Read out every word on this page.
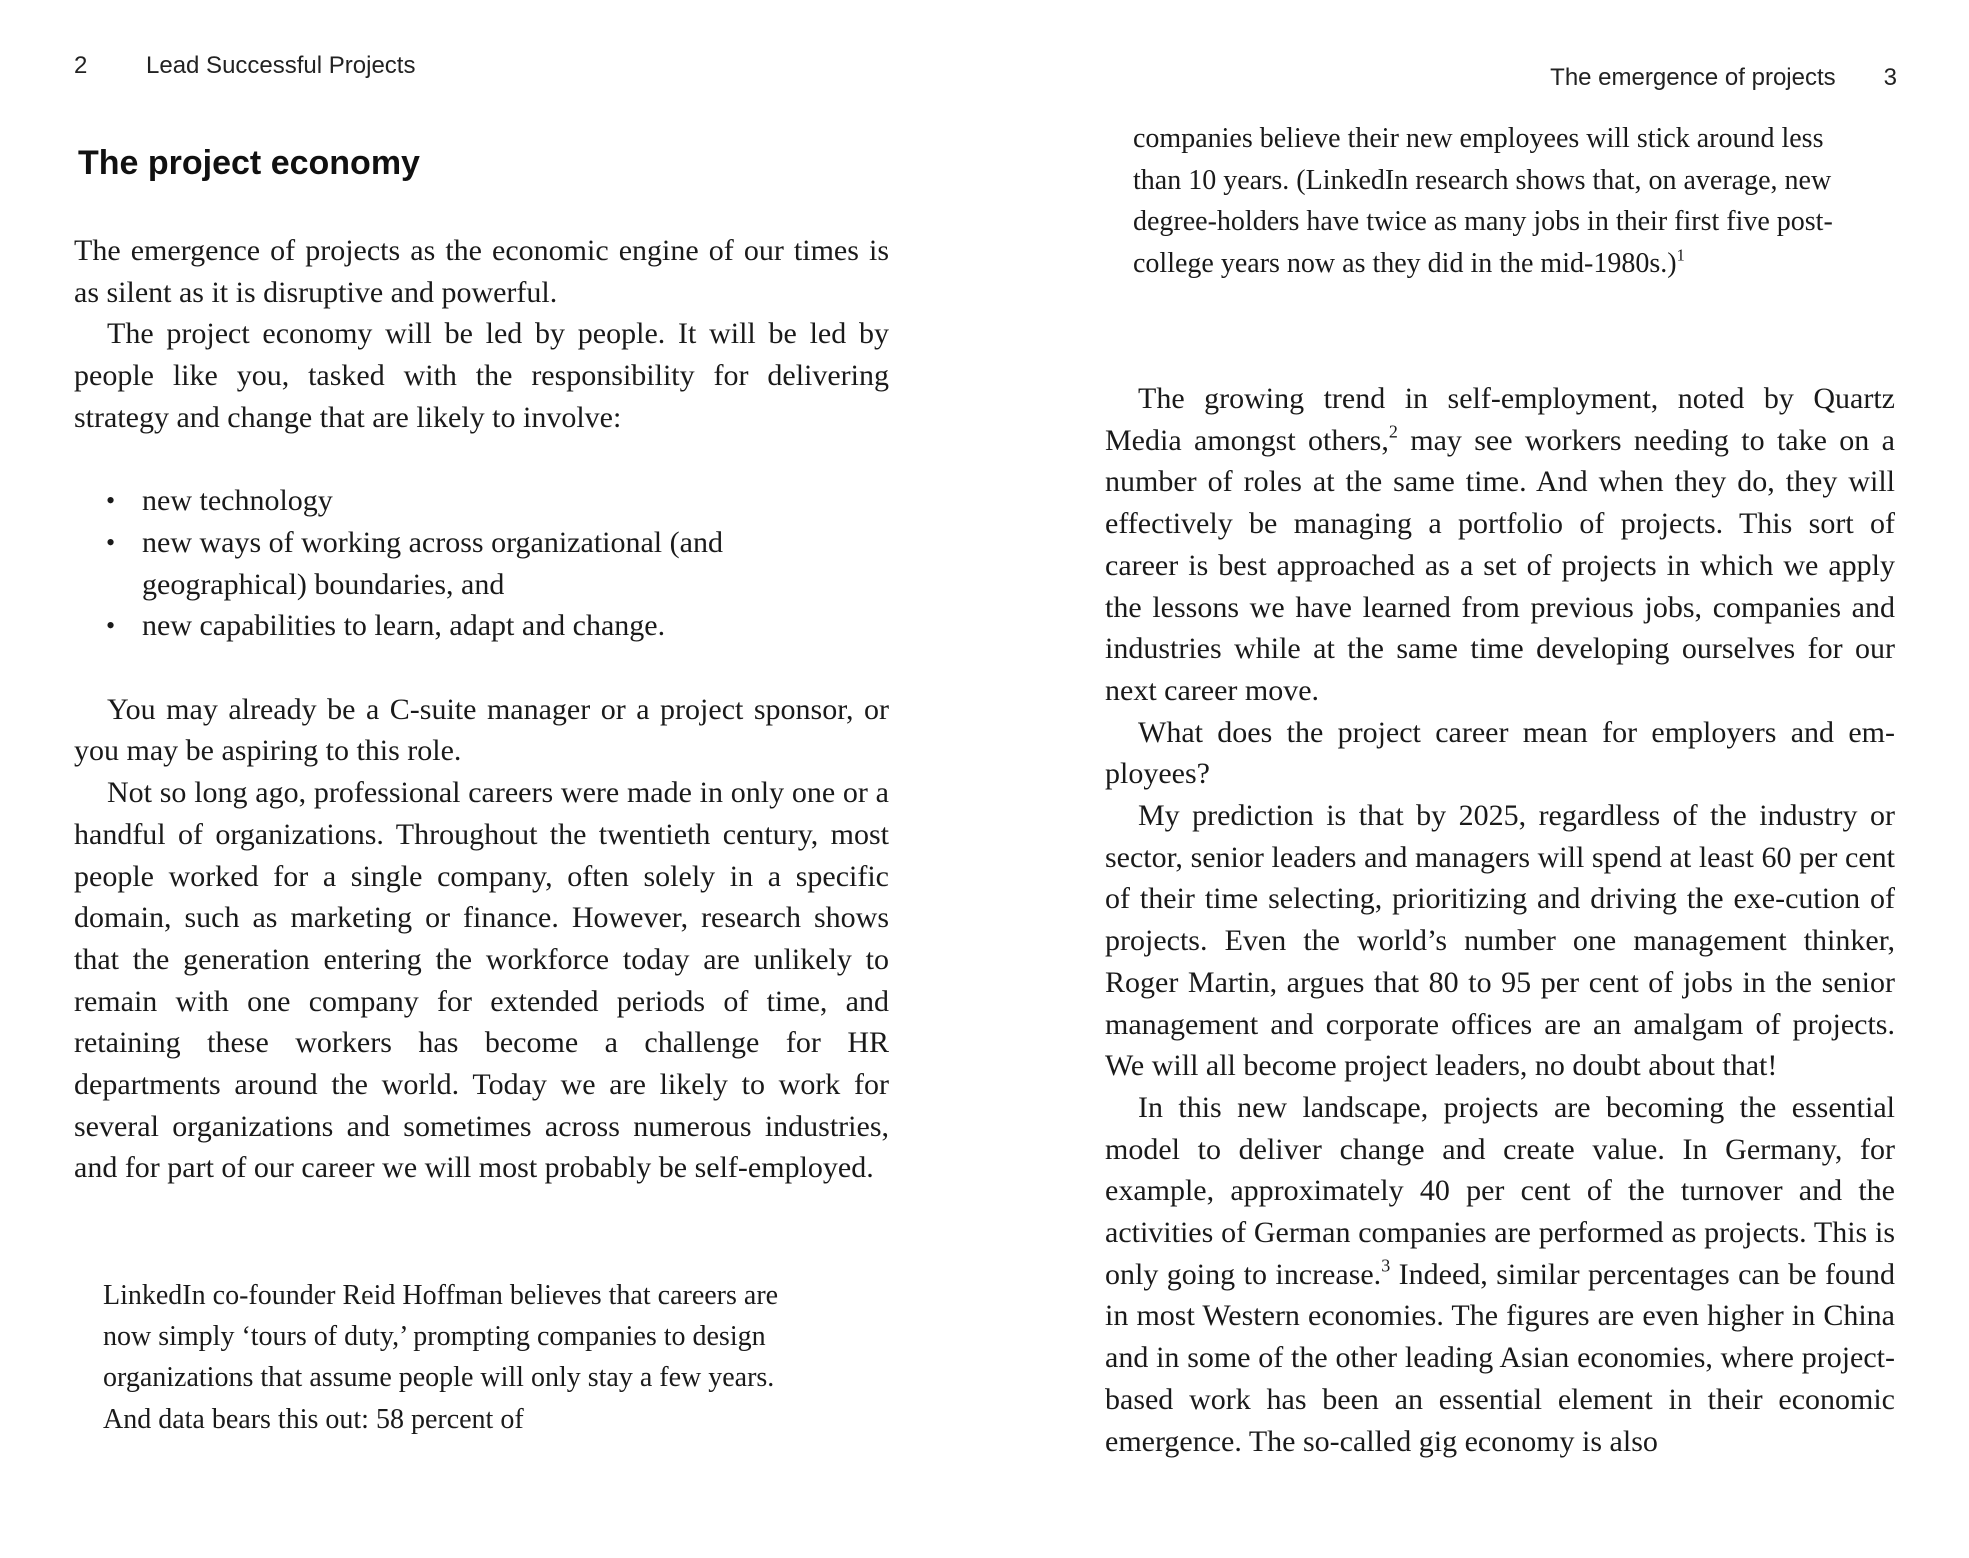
2 Lead Successful Projects
The project economy

The emergence of projects as the economic engine of our times is as silent as it is disruptive and powerful.

The project economy will be led by people. It will be led by people like you, tasked with the responsibility for delivering strategy and change that are likely to involve:

• new technology
• new ways of working across organizational (and geographical) boundaries, and
• new capabilities to learn, adapt and change.

You may already be a C-suite manager or a project sponsor, or you may be aspiring to this role.

Not so long ago, professional careers were made in only one or a handful of organizations. Throughout the twentieth century, most people worked for a single company, often solely in a specific domain, such as marketing or finance. However, research shows that the generation entering the workforce today are unlikely to remain with one company for extended periods of time, and retaining these workers has become a challenge for HR departments around the world. Today we are likely to work for several organizations and sometimes across numerous industries, and for part of our career we will most probably be self-employed.

LinkedIn co-founder Reid Hoffman believes that careers are now simply ‘tours of duty,’ prompting companies to design organizations that assume people will only stay a few years. And data bears this out: 58 percent of

The emergence of projects 3

companies believe their new employees will stick around less than 10 years. (LinkedIn research shows that, on average, new degree-holders have twice as many jobs in their first five post-college years now as they did in the mid-1980s.)$^1$

The growing trend in self-employment, noted by Quartz Media amongst others,$^2$ may see workers needing to take on a number of roles at the same time. And when they do, they will effectively be managing a portfolio of projects. This sort of career is best approached as a set of projects in which we apply the lessons we have learned from previous jobs, companies and industries while at the same time developing ourselves for our next career move.

What does the project career mean for employers and em-ployees?

My prediction is that by 2025, regardless of the industry or sector, senior leaders and managers will spend at least 60 per cent of their time selecting, prioritizing and driving the exe-cution of projects. Even the world’s number one management thinker, Roger Martin, argues that 80 to 95 per cent of jobs in the senior management and corporate offices are an amalgam of projects. We will all become project leaders, no doubt about that!

In this new landscape, projects are becoming the essential model to deliver change and create value. In Germany, for example, approximately 40 per cent of the turnover and the activities of German companies are performed as projects. This is only going to increase.$^3$ Indeed, similar percentages can be found in most Western economies. The figures are even higher in China and in some of the other leading Asian economies, where project-based work has been an essential element in their economic emergence. The so-called gig economy is also
